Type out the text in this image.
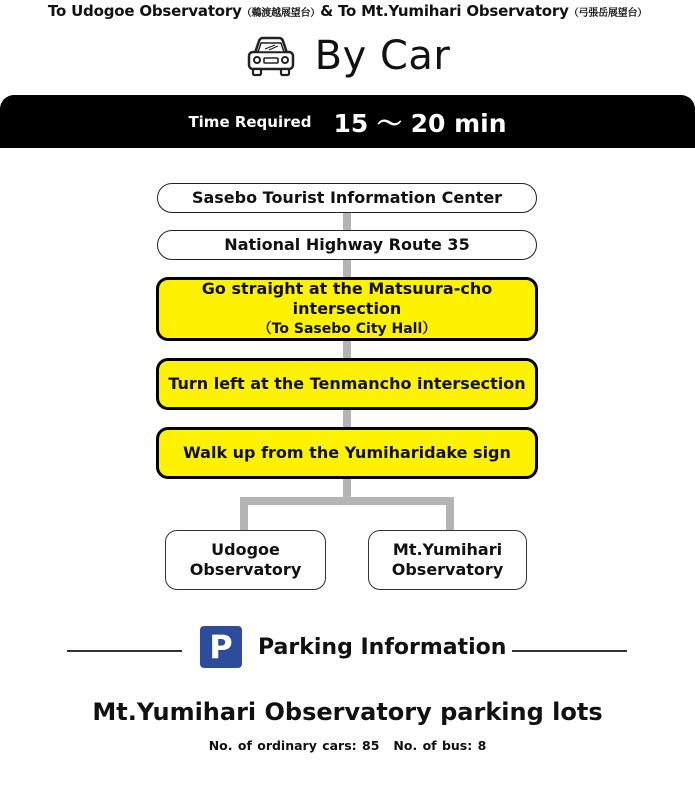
To Udogoe Observatory（鵜渡越展望台）& To Mt.Yumihari Observatory（弓張岳展望台）
By Car
Time Required 15 ～ 20 min
Sasebo Tourist Information Center
National Highway Route 35
Go straight at the Matsuura-cho intersection
（To Sasebo City Hall）
Turn left at the Tenmancho intersection
Walk up from the Yumiharidake sign
Udogoe
Observatory
Mt.Yumihari
Observatory
P Parking Information
Mt.Yumihari Observatory parking lots
No. of ordinary cars: 85 No. of bus: 8
